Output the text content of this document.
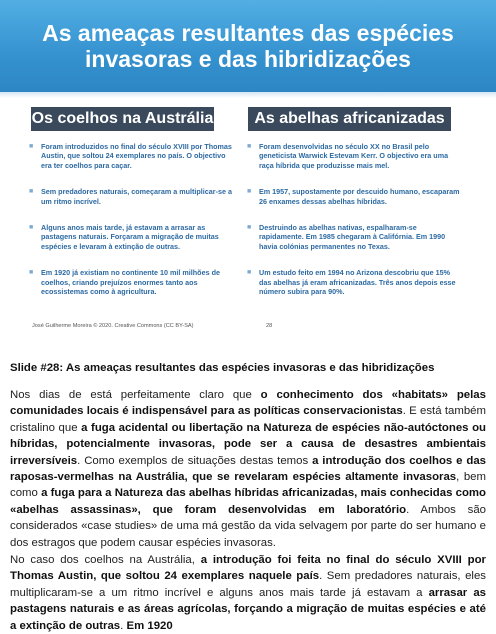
As ameaças resultantes das espécies
invasoras e das hibridizações
Os coelhos na Austrália	As abelhas africanizadas
■ Foram introduzidos no final do século XVIII por Thomas Austin, que soltou 24 exemplares no país. O objectivo era ter coelhos para caçar.
■ Sem predadores naturais, começaram a multiplicar-se a um ritmo incrível.
■ Alguns anos mais tarde, já estavam a arrasar as pastagens naturais. Forçaram a migração de muitas espécies e levaram à extinção de outras.
■ Em 1920 já existiam no continente 10 mil milhões de coelhos, criando prejuízos enormes tanto aos ecossistemas como à agricultura.
■ Foram desenvolvidas no século XX no Brasil pelo geneticista Warwick Estevam Kerr. O objectivo era uma raça híbrida que produzisse mais mel.
■ Em 1957, supostamente por descuido humano, escaparam 26 enxames dessas abelhas híbridas.
■ Destruindo as abelhas nativas, espalharam-se rapidamente. Em 1985 chegaram à Califórnia. Em 1990 havia colónias permanentes no Texas.
■ Um estudo feito em 1994 no Arizona descobriu que 15% das abelhas já eram africanizadas. Três anos depois esse número subira para 90%.
José Guilherme Moreira © 2020. Creative Commons (CC BY-SA)	28

Slide #28: As ameaças resultantes das espécies invasoras e das hibridizações

Nos dias de está perfeitamente claro que o conhecimento dos «habitats» pelas comunidades locais é indispensável para as políticas conservacionistas. E está também cristalino que a fuga acidental ou libertação na Natureza de espécies não-autóctones ou híbridas, potencialmente invasoras, pode ser a causa de desastres ambientais irreversíveis. Como exemplos de situações destas temos a introdução dos coelhos e das raposas-vermelhas na Austrália, que se revelaram espécies altamente invasoras, bem como a fuga para a Natureza das abelhas híbridas africanizadas, mais conhecidas como «abelhas assassinas», que foram desenvolvidas em laboratório. Ambos são considerados «case studies» de uma má gestão da vida selvagem por parte do ser humano e dos estragos que podem causar espécies invasoras.

No caso dos coelhos na Austrália, a introdução foi feita no final do século XVIII por Thomas Austin, que soltou 24 exemplares naquele país. Sem predadores naturais, eles multiplicaram-se a um ritmo incrível e alguns anos mais tarde já estavam a arrasar as pastagens naturais e as áreas agrícolas, forçando a migração de muitas espécies e até a extinção de outras. Em 1920
